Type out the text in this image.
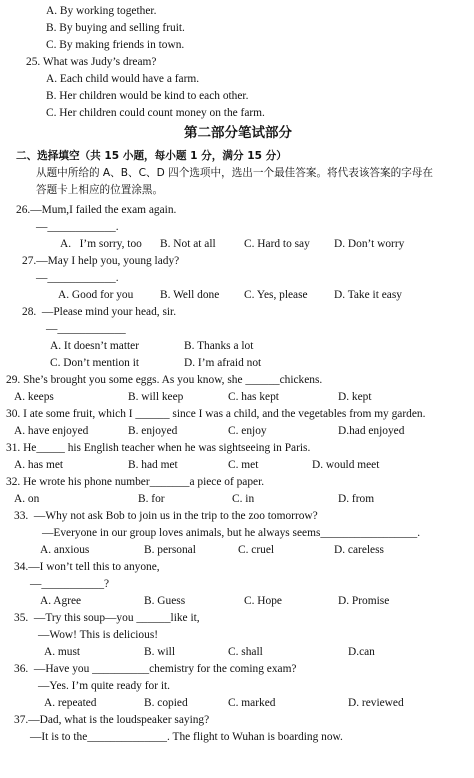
A. By working together.
B. By buying and selling fruit.
C. By making friends in town.
25. What was Judy’s dream?
A. Each child would have a farm.
B. Her children would be kind to each other.
C. Her children could count money on the farm.
第二部分笔试部分
二、选择填空（共 15 小题，每小题 1 分，满分 15 分）
从题中所给的 A、B、C、D 四个选项中，选出一个最佳答案。将代表该答案的字母在
答题卡上相应的位置涂黑。
26.—Mum,I failed the exam again.
—____________.
A.   I’m sorry, too B. Not at all C. Hard to say D. Don’t worry
27.—May I help you, young lady?
—____________.
A. Good for you B. Well done C. Yes, please D. Take it easy
28.  —Please mind your head, sir.
—____________
A. It doesn’t matter	B. Thanks a lot
C. Don’t mention it	D. I’m afraid not
29. She’s brought you some eggs. As you know, she ______chickens.
A. keeps	B. will keep	C. has kept	D. kept
30. I ate some fruit, which I ______ since I was a child, and the vegetables from my garden.
A. have enjoyed	B. enjoyed	C. enjoy	D.had enjoyed
31. He_____ his English teacher when he was sightseeing in Paris.
A. has met	B. had met	C. met	D. would meet
32. He wrote his phone number_______a piece of paper.
A. on	B. for	C. in	D. from
33.  —Why not ask Bob to join us in the trip to the zoo tomorrow?
—Everyone in our group loves animals, but he always seems_________________.
A. anxious	B. personal	C. cruel	D. careless
34.—I won’t tell this to anyone,
—___________?
A. Agree	B. Guess	C. Hope	D. Promise
35.  —Try this soup—you ______like it,
—Wow! This is delicious!
A. must	B. will	C. shall	D.can
36.  —Have you __________chemistry for the coming exam?
—Yes. I’m quite ready for it.
A. repeated	B. copied	C. marked	D. reviewed
37.—Dad, what is the loudspeaker saying?
—It is to the______________. The flight to Wuhan is boarding now.
